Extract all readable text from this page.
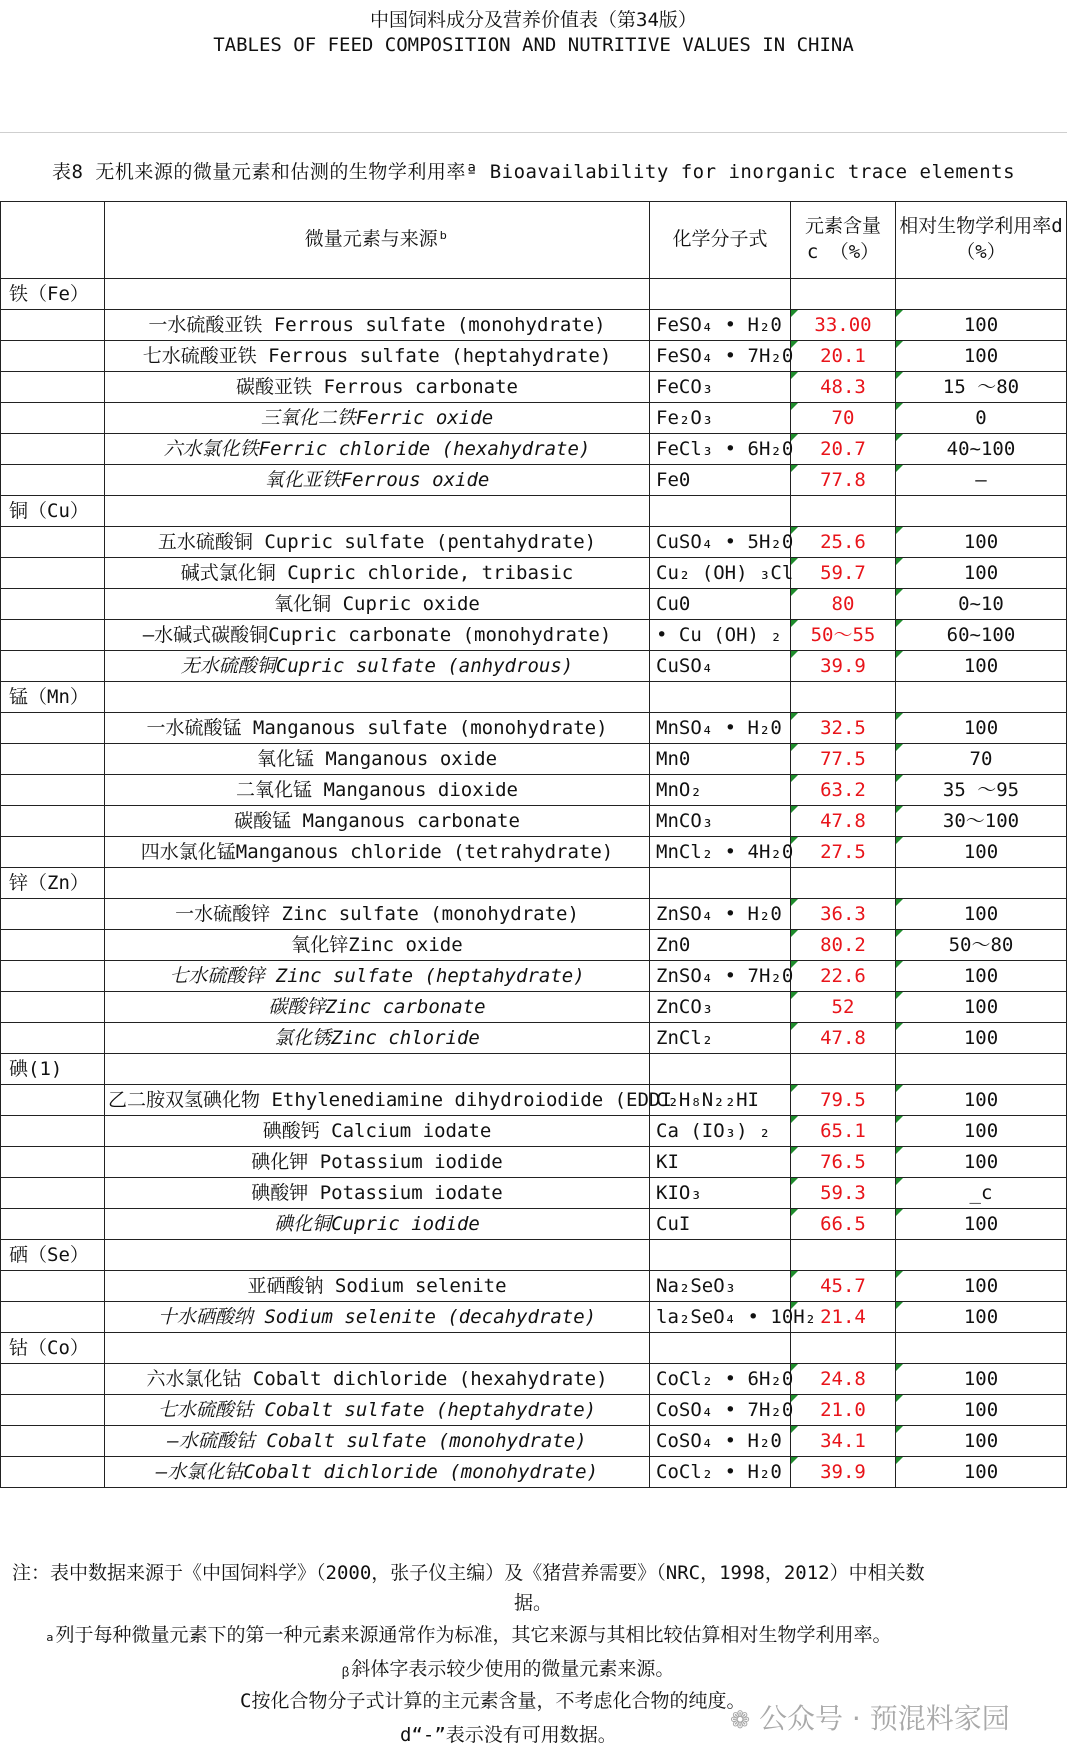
中国饲料成分及营养价值表（第34版）
TABLES OF FEED COMPOSITION AND NUTRITIVE VALUES IN CHINA
表8 无机来源的微量元素和估测的生物学利用率ª Bioavailability for inorganic trace elements
	微量元素与来源ᵇ	化学分子式	元素含量 c （%）	相对生物学利用率d （%）
铁（Fe）				
	一水硫酸亚铁 Ferrous sulfate (monohydrate)	FeSO₄ • H₂0	33.00	100
	七水硫酸亚铁 Ferrous sulfate (heptahydrate)	FeSO₄ • 7H₂0	20.1	100
	碳酸亚铁 Ferrous carbonate	FeCO₃	48.3	15 ～80
	三氧化二铁Ferric oxide	Fe₂O₃	70	0
	六水氯化铁Ferric chloride (hexahydrate)	FeCl₃ • 6H₂0	20.7	40~100
	氧化亚铁Ferrous oxide	Fe0	77.8	–
铜（Cu）				
	五水硫酸铜 Cupric sulfate (pentahydrate)	CuSO₄ • 5H₂0	25.6	100
	碱式氯化铜 Cupric chloride, tribasic	Cu₂ (OH) ₃Cl	59.7	100
	氧化铜 Cupric oxide	Cu0	80	0~10
	—水碱式碳酸铜Cupric carbonate (monohydrate)	• Cu (OH) ₂	50～55	60~100
	无水硫酸铜Cupric sulfate (anhydrous)	CuSO₄	39.9	100
锰（Mn）				
	一水硫酸锰 Manganous sulfate (monohydrate)	MnSO₄ • H₂0	32.5	100
	氧化锰 Manganous oxide	Mn0	77.5	70
	二氧化锰 Manganous dioxide	MnO₂	63.2	35 ～95
	碳酸锰 Manganous carbonate	MnCO₃	47.8	30～100
	四水氯化锰Manganous chloride (tetrahydrate)	MnCl₂ • 4H₂0	27.5	100
锌（Zn）				
	一水硫酸锌 Zinc sulfate (monohydrate)	ZnSO₄ • H₂0	36.3	100
	氧化锌Zinc oxide	Zn0	80.2	50～80
	七水硫酸锌 Zinc sulfate (heptahydrate)	ZnSO₄ • 7H₂0	22.6	100
	碳酸锌Zinc carbonate	ZnCO₃	52	100
	氯化锈Zinc chloride	ZnCl₂	47.8	100
碘(1)				
	乙二胺双氢碘化物 Ethylenediamine dihydroiodide (EDDI	C₂H₈N₂₂HI	79.5	100
	碘酸钙 Calcium iodate	Ca (IO₃) ₂	65.1	100
	碘化钾 Potassium iodide	KI	76.5	100
	碘酸钾 Potassium iodate	KIO₃	59.3	_c
	碘化铜Cupric iodide	CuI	66.5	100
硒（Se）				
	亚硒酸钠 Sodium selenite	Na₂SeO₃	45.7	100
	十水硒酸纳 Sodium selenite (decahydrate)	la₂SeO₄ • 10H₂	21.4	100
钴（Co）				
	六水氯化钴 Cobalt dichloride (hexahydrate)	CoCl₂ • 6H₂0	24.8	100
	七水硫酸钴 Cobalt sulfate (heptahydrate)	CoSO₄ • 7H₂0	21.0	100
	—水硫酸钴 Cobalt sulfate (monohydrate)	CoSO₄ • H₂0	34.1	100
	—水氯化钴Cobalt dichloride (monohydrate)	CoCl₂ • H₂0	39.9	100
注：表中数据来源于《中国饲料学》（2000，张子仪主编）及《猪营养需要》（NRC，1998，2012）中相关数
据。
ₐ列于每种微量元素下的第一种元素来源通常作为标准，其它来源与其相比较估算相对生物学利用率。
ᵦ斜体字表示较少使用的微量元素来源。
C按化合物分子式计算的主元素含量，不考虑化合物的纯度。
d“-”表示没有可用数据。
❁ 公众号 · 预混料家园
